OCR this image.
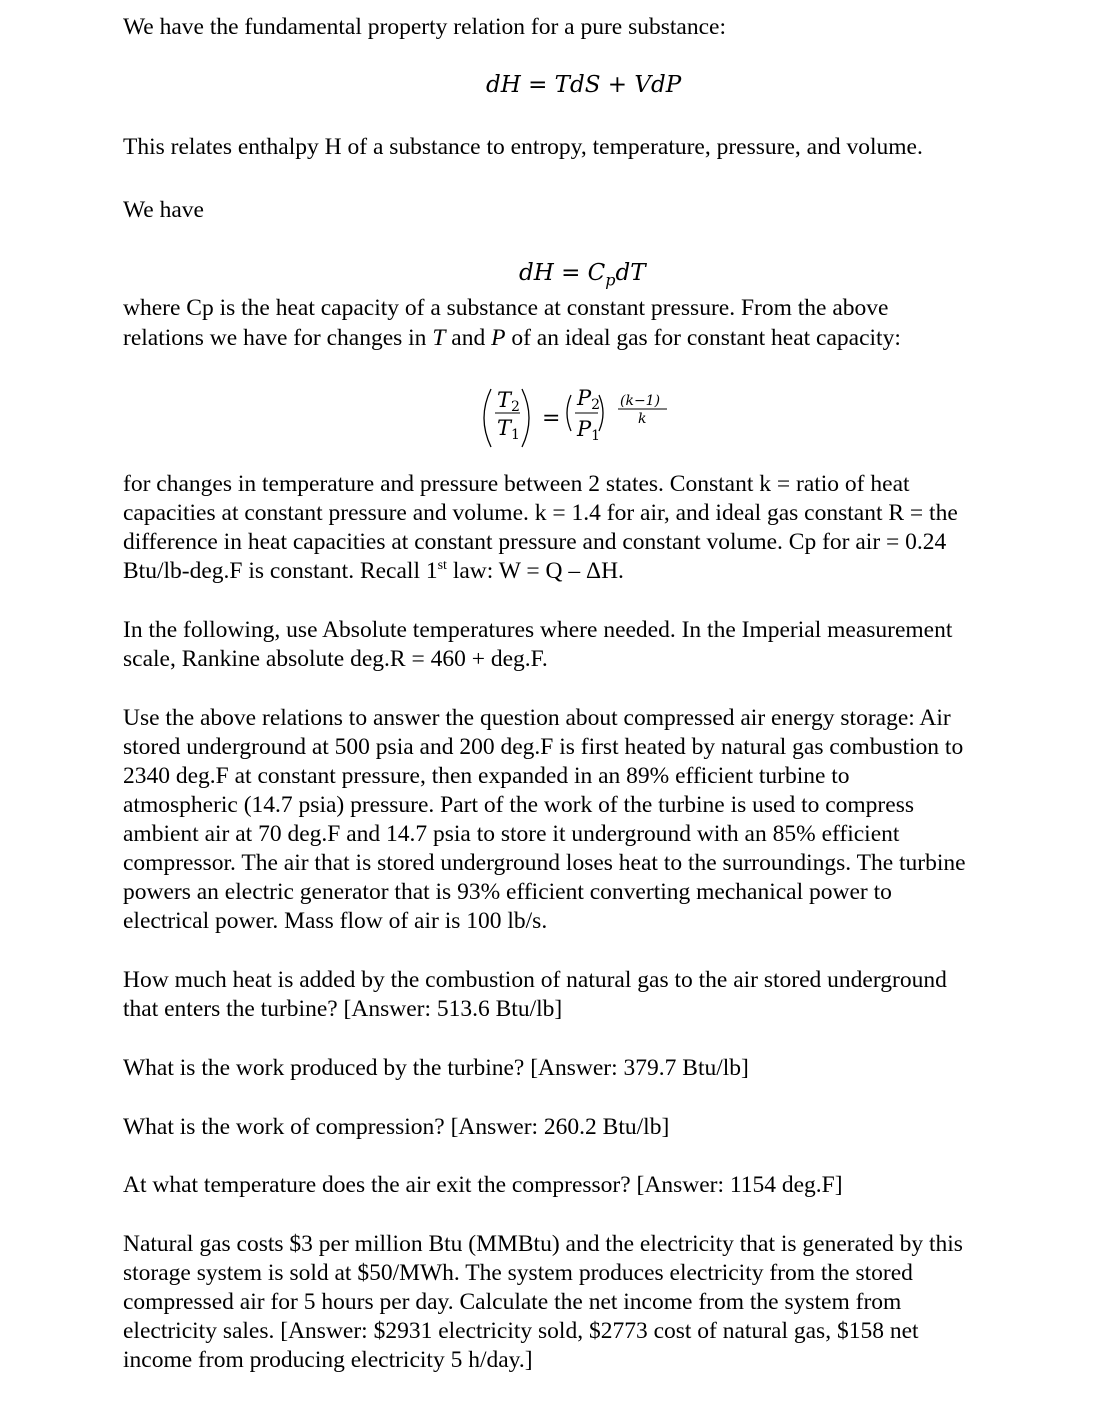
We have the fundamental property relation for a pure substance:
dH = TdS + VdP
This relates enthalpy H of a substance to entropy, temperature, pressure, and volume.
We have
dH = $C_pdT$
where Cp is the heat capacity of a substance at constant pressure. From the above
relations we have for changes in T and P of an ideal gas for constant heat capacity:
T2
T1
=
P2
P1
(k−1)
k
for changes in temperature and pressure between 2 states. Constant k = ratio of heat
capacities at constant pressure and volume. k = 1.4 for air, and ideal gas constant R = the
difference in heat capacities at constant pressure and constant volume. Cp for air = 0.24
Btu/lb-deg.F is constant. Recall 1st law: W = Q – ΔH.
In the following, use Absolute temperatures where needed. In the Imperial measurement
scale, Rankine absolute deg.R = 460 + deg.F.
Use the above relations to answer the question about compressed air energy storage: Air
stored underground at 500 psia and 200 deg.F is first heated by natural gas combustion to
2340 deg.F at constant pressure, then expanded in an 89% efficient turbine to
atmospheric (14.7 psia) pressure. Part of the work of the turbine is used to compress
ambient air at 70 deg.F and 14.7 psia to store it underground with an 85% efficient
compressor. The air that is stored underground loses heat to the surroundings. The turbine
powers an electric generator that is 93% efficient converting mechanical power to
electrical power. Mass flow of air is 100 lb/s.
How much heat is added by the combustion of natural gas to the air stored underground
that enters the turbine? [Answer: 513.6 Btu/lb]
What is the work produced by the turbine? [Answer: 379.7 Btu/lb]
What is the work of compression? [Answer: 260.2 Btu/lb]
At what temperature does the air exit the compressor? [Answer: 1154 deg.F]
Natural gas costs $3 per million Btu (MMBtu) and the electricity that is generated by this
storage system is sold at $50/MWh. The system produces electricity from the stored
compressed air for 5 hours per day. Calculate the net income from the system from
electricity sales. [Answer: $2931 electricity sold, $2773 cost of natural gas, $158 net
income from producing electricity 5 h/day.]
